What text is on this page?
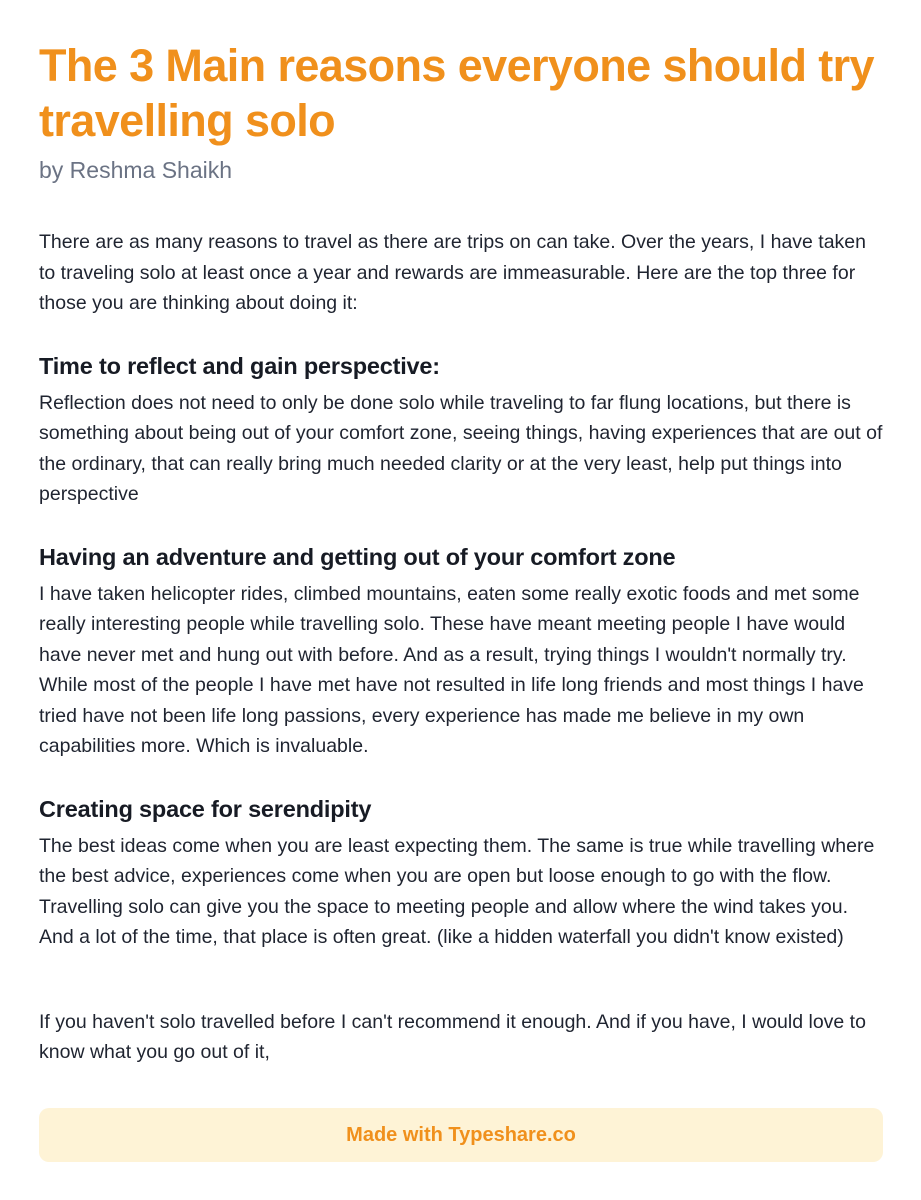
The 3 Main reasons everyone should try travelling solo

by Reshma Shaikh

There are as many reasons to travel as there are trips on can take. Over the years, I have taken to traveling solo at least once a year and rewards are immeasurable. Here are the top three for those you are thinking about doing it:

Time to reflect and gain perspective:

Reflection does not need to only be done solo while traveling to far flung locations, but there is something about being out of your comfort zone, seeing things, having experiences that are out of the ordinary, that can really bring much needed clarity or at the very least, help put things into perspective

Having an adventure and getting out of your comfort zone

I have taken helicopter rides, climbed mountains, eaten some really exotic foods and met some really interesting people while travelling solo. These have meant meeting people I have would have never met and hung out with before. And as a result, trying things I wouldn't normally try. While most of the people I have met have not resulted in life long friends and most things I have tried have not been life long passions, every experience has made me believe in my own capabilities more. Which is invaluable.

Creating space for serendipity

The best ideas come when you are least expecting them. The same is true while travelling where the best advice, experiences come when you are open but loose enough to go with the flow. Travelling solo can give you the space to meeting people and allow where the wind takes you. And a lot of the time, that place is often great. (like a hidden waterfall you didn't know existed)

If you haven't solo travelled before I can't recommend it enough. And if you have, I would love to know what you go out of it,

Made with Typeshare.co
